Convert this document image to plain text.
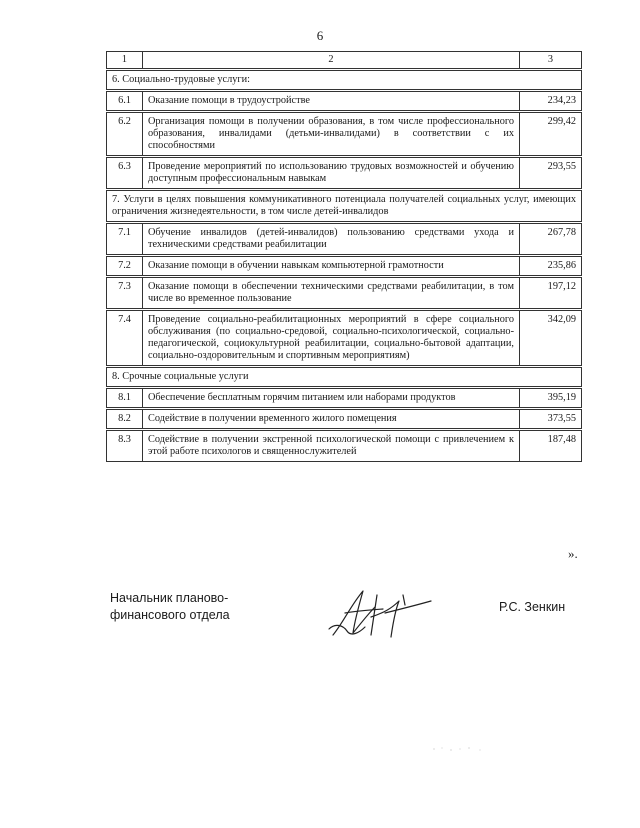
6
1	2	3

6. Социально-трудовые услуги:		

6.1	Оказание помощи в трудоустройстве	234,23

6.2	Организация помощи в получении образования, в том числе профессионального образования, инвалидами (детьми-инвалидами) в соответствии с их способностями	299,42

6.3	Проведение мероприятий по использованию трудовых возможностей и обучению доступным профессиональным навыкам	293,55

7. Услуги в целях повышения коммуникативного потенциала получателей социальных услуг, имеющих ограничения жизнедеятельности, в том числе детей-инвалидов		

7.1	Обучение инвалидов (детей-инвалидов) пользованию средствами ухода и техническими средствами реабилитации	267,78

7.2	Оказание помощи в обучении навыкам компьютерной грамотности	235,86

7.3	Оказание помощи в обеспечении техническими средствами реабилитации, в том числе во временное пользование	197,12

7.4	Проведение социально-реабилитационных мероприятий в сфере социального обслуживания (по социально-средовой, социально-психологической, социально-педагогической, социокультурной реабилитации, социально-бытовой адаптации, социально-оздоровительным и спортивным мероприятиям)	342,09

8. Срочные социальные услуги		

8.1	Обеспечение бесплатным горячим питанием или наборами продуктов	395,19

8.2	Содействие в получении временного жилого помещения	373,55

8.3	Содействие в получении экстренной психологической помощи с привлечением к этой работе психологов и священнослужителей	187,48
».
Начальник планово-
финансового отдела
Р.С. Зенкин
